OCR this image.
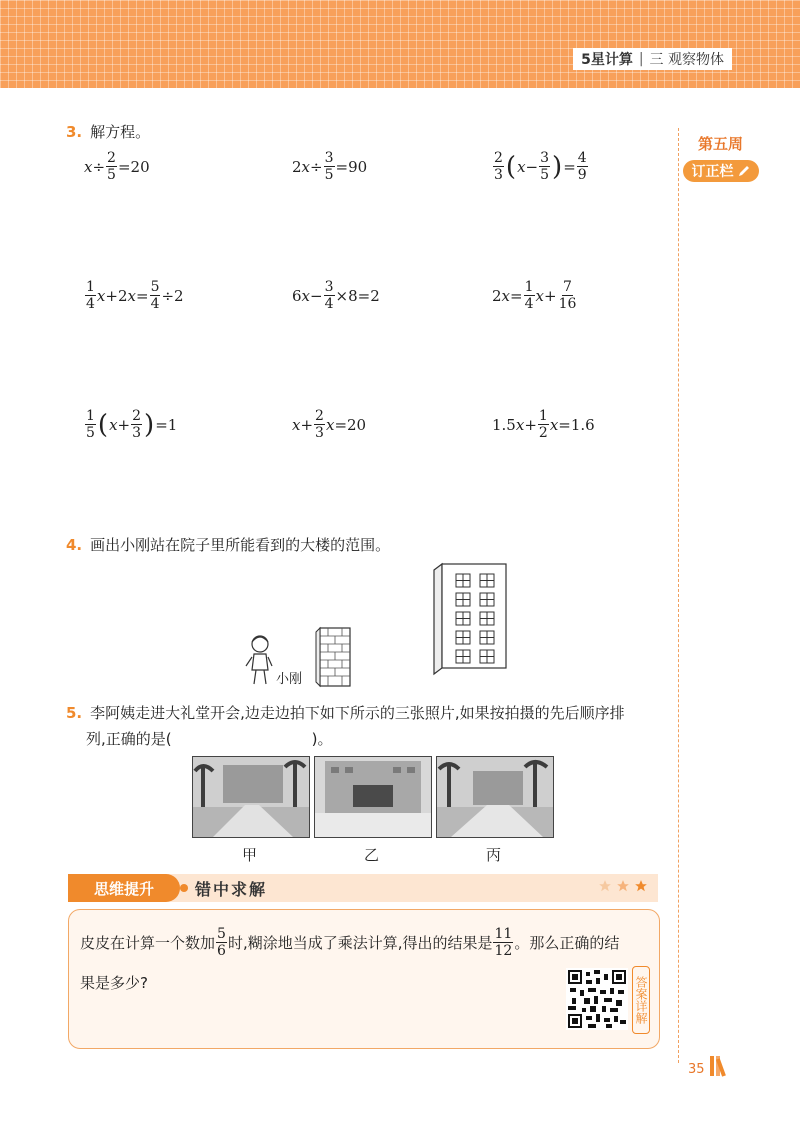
5星计算 | 三 观察物体
第五周
订正栏
3. 解方程。
$x \div \frac{2}{5} =20$	2 $x \div \frac{3}{5} =90$	$\frac{2}{3}$ ( $x - \frac{3}{5}$ ) = $\frac{4}{9}$
$\frac{1}{4}$ x +2 $x = \frac{5}{4} \div 2$	6 $x - \frac{3}{4} \times 8=2$	2 $x = \frac{1}{4}$ $x + \frac{7}{16}$
$\frac{1}{5}$ ( $x + \frac{2}{3}$ ) =1	$x + \frac{2}{3}$ x =20	1.5 $x + \frac{1}{2}$ x =1.6
4. 画出小刚站在院子里所能看到的大楼的范围。
小刚
5. 李阿姨走进大礼堂开会,边走边拍下如下所示的三张照片,如果按拍摄的先后顺序排
列,正确的是(	)。
甲	乙	丙
思维提升	错中求解
皮皮在计算一个数加 $\frac{5}{6}$ 时,糊涂地当成了乘法计算,得出的结果是 $\frac{11}{12}$ 。那么正确的结
果是多少?	答案详解
35
